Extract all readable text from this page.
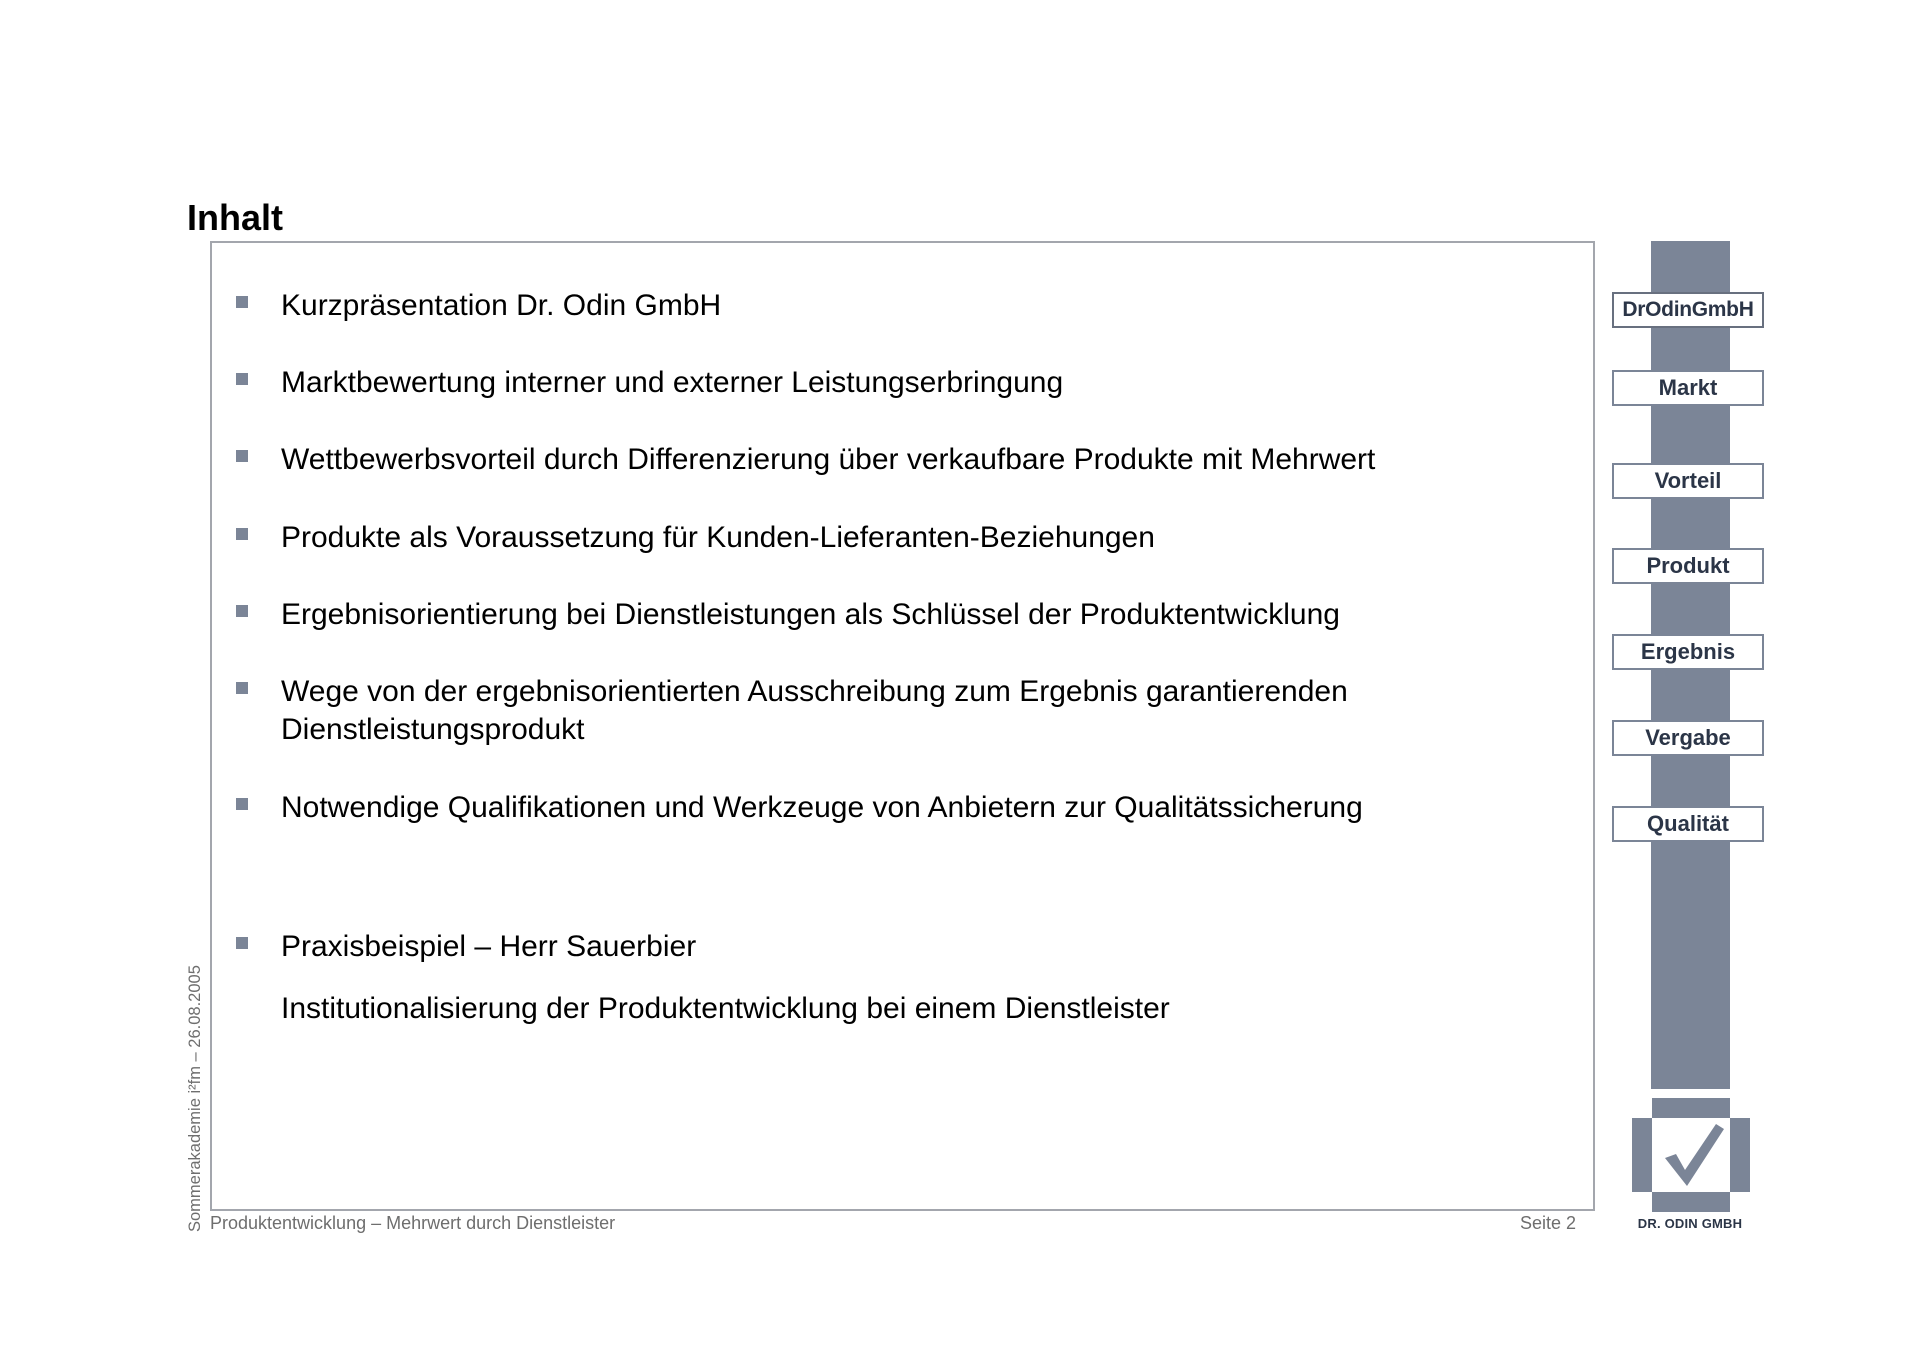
Inhalt
Kurzpräsentation Dr. Odin GmbH
Marktbewertung interner und externer Leistungserbringung
Wettbewerbsvorteil durch Differenzierung über verkaufbare Produkte mit Mehrwert
Produkte als Voraussetzung für Kunden-Lieferanten-Beziehungen
Ergebnisorientierung bei Dienstleistungen als Schlüssel der Produktentwicklung
Wege von der ergebnisorientierten Ausschreibung zum Ergebnis garantierenden
Dienstleistungsprodukt
Notwendige Qualifikationen und Werkzeuge von Anbietern zur Qualitätssicherung
Praxisbeispiel – Herr Sauerbier
Institutionalisierung der Produktentwicklung bei einem Dienstleister
DrOdinGmbH
Markt
Vorteil
Produkt
Ergebnis
Vergabe
Qualität
DR. ODIN GMBH
Produktentwicklung – Mehrwert durch Dienstleister	Seite 2
Sommerakademie i²fm – 26.08.2005
